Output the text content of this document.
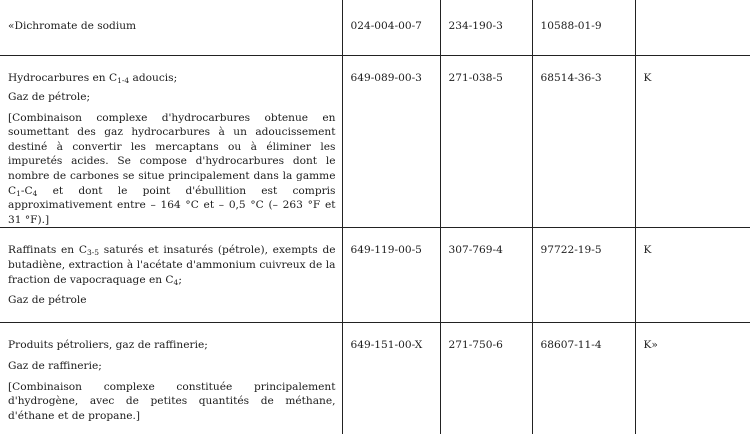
«Dichromate de sodium	024-004-00-7	234-190-3	10588-01-9	

Hydrocarbures en $C_{1-4}$ adoucis;

Gaz de pétrole;

[Combinaison complexe d'hydrocarbures obtenue en soumettant des gaz hydrocarbures à un adoucissement destiné à convertir les mercaptans ou à éliminer les impuretés acides. Se compose d'hydrocarbures dont le nombre de carbones se situe principalement dans la gamme $C_1-C_4$ et dont le point d'ébullition est compris approximativement entre – 164 °C et – 0,5 °C (– 263 °F et 31 °F).]	649-089-00-3	271-038-5	68514-36-3	K

Raffinats en $C_{3-5}$ saturés et insaturés (pétrole), exempts de butadiène, extraction à l'acétate d'ammonium cuivreux de la fraction de vapocraquage en $C_4$;

Gaz de pétrole	649-119-00-5	307-769-4	97722-19-5	K

Produits pétroliers, gaz de raffinerie;

Gaz de raffinerie;

[Combinaison complexe constituée principalement d'hydrogène, avec de petites quantités de méthane, d'éthane et de propane.]	649-151-00-X	271-750-6	68607-11-4	K»
